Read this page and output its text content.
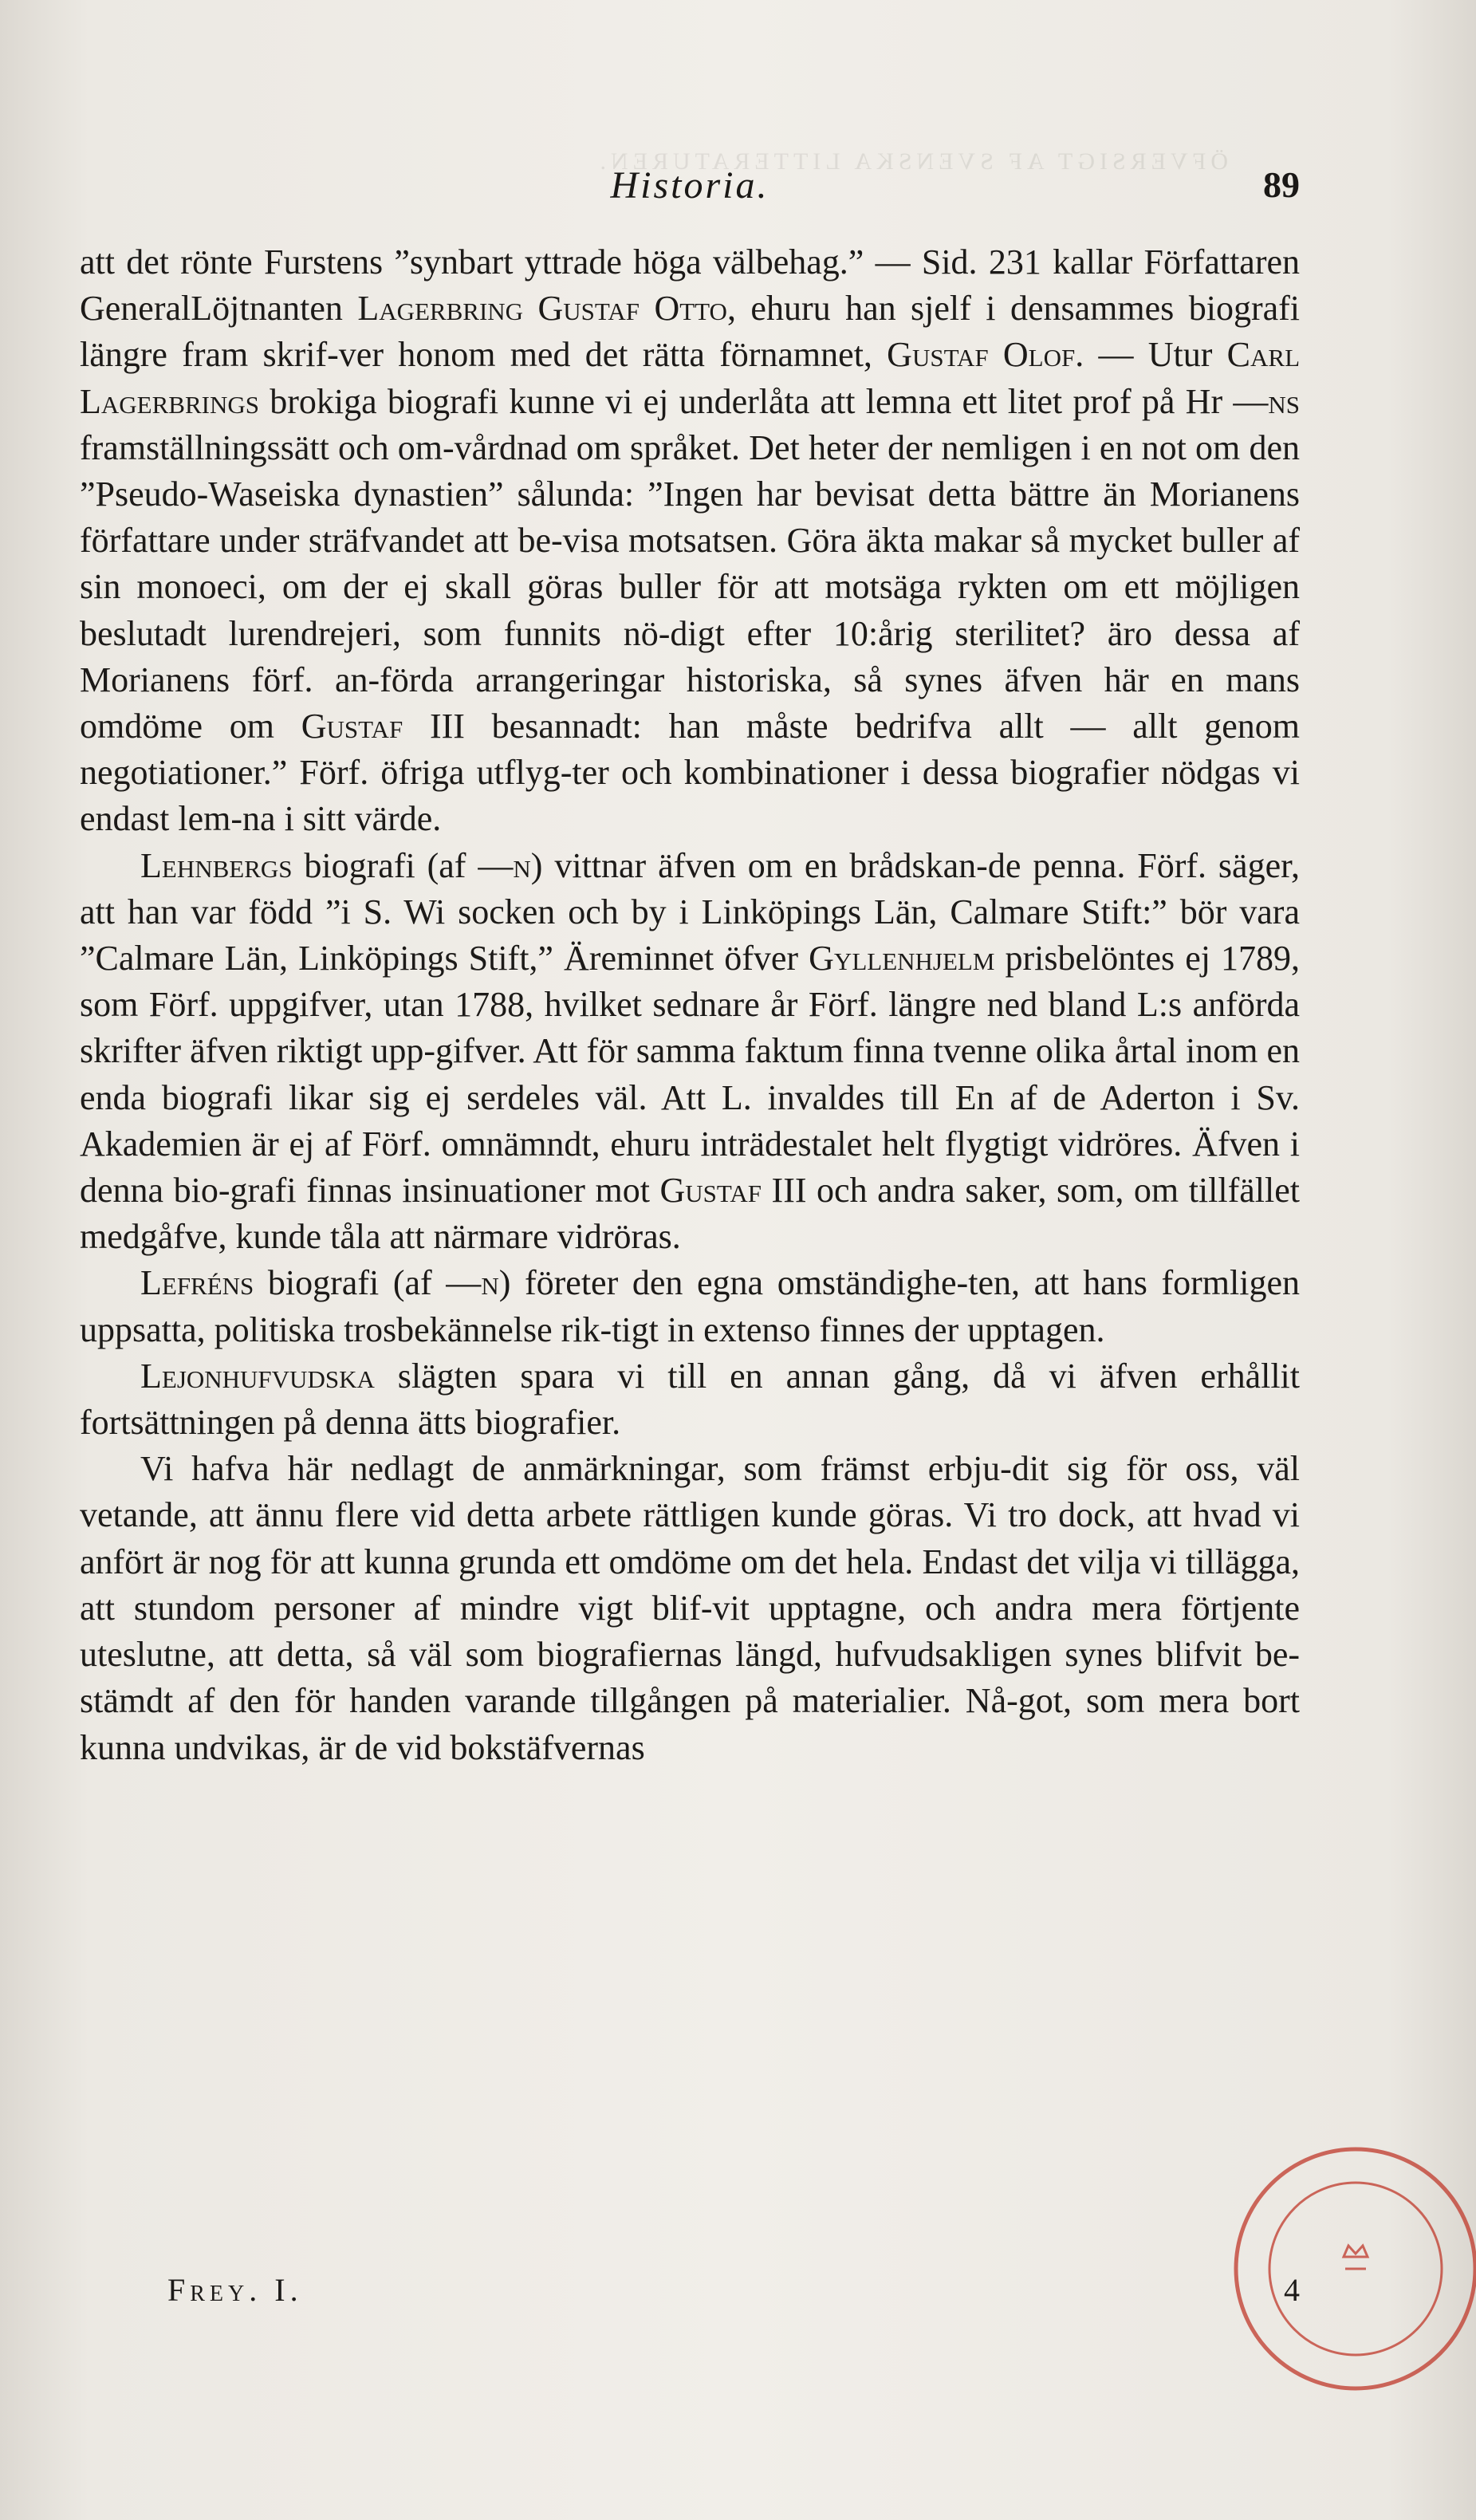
ÖFVERSIGT AF SVENSKA LITTERATUREN.
Historia.	89

att det rönte Furstens ”synbart yttrade höga välbehag.” — Sid. 231 kallar Författaren GeneralLöjtnanten Lagerbring Gustaf Otto, ehuru han sjelf i densammes biografi längre fram skrif-​ver honom med det rätta förnamnet, Gustaf Olof. — Utur Carl Lagerbrings brokiga biografi kunne vi ej underlåta att lemna ett litet prof på Hr —ns framställningssätt och om-​vårdnad om språket. Det heter der nemligen i en not om den ”Pseudo-Waseiska dynastien” sålunda: ”Ingen har bevisat detta bättre än Morianens författare under sträfvandet att be-​visa motsatsen. Göra äkta makar så mycket buller af sin monoeci, om der ej skall göras buller för att motsäga rykten om ett möjligen beslutadt lurendrejeri, som funnits nö-​digt efter 10:årig sterilitet? äro dessa af Morianens förf. an-​förda arrangeringar historiska, så synes äfven här en mans omdöme om Gustaf III besannadt: han måste bedrifva allt — allt genom negotiationer.” Förf. öfriga utflyg-​ter och kombinationer i dessa biografier nödgas vi endast lem-​na i sitt värde.

Lehnbergs biografi (af —n) vittnar äfven om en brådskan-​de penna. Förf. säger, att han var född ”i S. Wi socken och by i Linköpings Län, Calmare Stift:” bör vara ”Calmare Län, Linköpings Stift,” Äreminnet öfver Gyllenhjelm prisbelöntes ej 1789, som Förf. uppgifver, utan 1788, hvilket sednare år Förf. längre ned bland L:s anförda skrifter äfven riktigt upp-​gifver. Att för samma faktum finna tvenne olika årtal inom en enda biografi likar sig ej serdeles väl. Att L. invaldes till En af de Aderton i Sv. Akademien är ej af Förf. omnämndt, ehuru inträdestalet helt flygtigt vidröres. Äfven i denna bio-​grafi finnas insinuationer mot Gustaf III och andra saker, som, om tillfället medgåfve, kunde tåla att närmare vidröras.

Lefréns biografi (af —n) företer den egna omständighe-​ten, att hans formligen uppsatta, politiska trosbekännelse rik-​tigt in extenso finnes der upptagen.

Lejonhufvudska slägten spara vi till en annan gång, då vi äfven erhållit fortsättningen på denna ätts biografier.

Vi hafva här nedlagt de anmärkningar, som främst erbju-​dit sig för oss, väl vetande, att ännu flere vid detta arbete rättligen kunde göras. Vi tro dock, att hvad vi anfört är nog för att kunna grunda ett omdöme om det hela. Endast det vilja vi tillägga, att stundom personer af mindre vigt blif-​vit upptagne, och andra mera förtjente uteslutne, att detta, så väl som biografiernas längd, hufvudsakligen synes blifvit be-​stämdt af den för handen varande tillgången på materialier. Nå-​got, som mera bort kunna undvikas, är de vid bokstäfvernas

Frey. I.	4
